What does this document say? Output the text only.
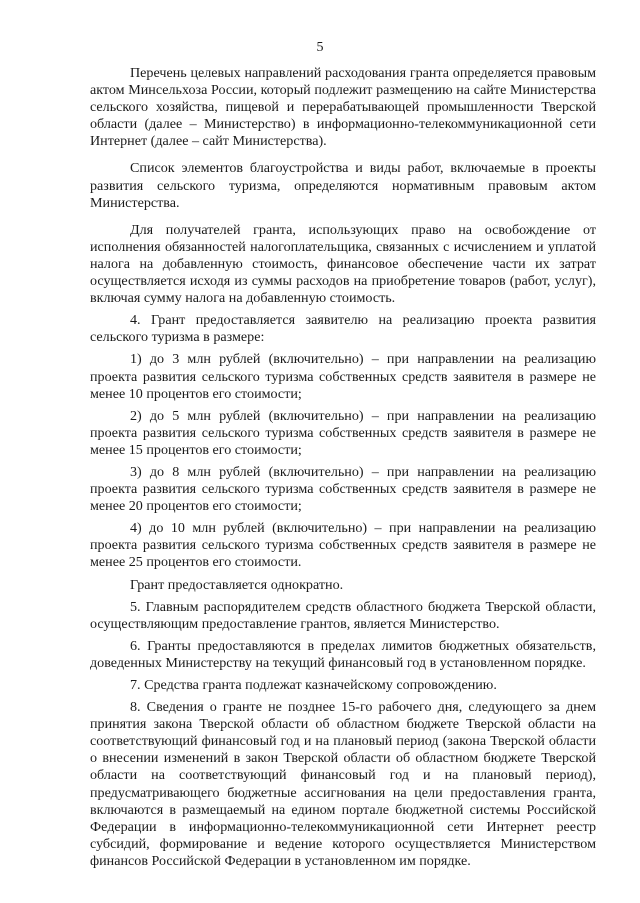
5

Перечень целевых направлений расходования гранта определяется правовым актом Минсельхоза России, который подлежит размещению на сайте Министерства сельского хозяйства, пищевой и перерабатывающей промышленности Тверской области (далее – Министерство) в информационно-телекоммуникационной сети Интернет (далее – сайт Министерства).

Список элементов благоустройства и виды работ, включаемые в проекты развития сельского туризма, определяются нормативным правовым актом Министерства.

Для получателей гранта, использующих право на освобождение от исполнения обязанностей налогоплательщика, связанных с исчислением и уплатой налога на добавленную стоимость, финансовое обеспечение части их затрат осуществляется исходя из суммы расходов на приобретение товаров (работ, услуг), включая сумму налога на добавленную стоимость.

4. Грант предоставляется заявителю на реализацию проекта развития сельского туризма в размере:

1) до 3 млн рублей (включительно) – при направлении на реализацию проекта развития сельского туризма собственных средств заявителя в размере не менее 10 процентов его стоимости;

2) до 5 млн рублей (включительно) – при направлении на реализацию проекта развития сельского туризма собственных средств заявителя в размере не менее 15 процентов его стоимости;

3) до 8 млн рублей (включительно) – при направлении на реализацию проекта развития сельского туризма собственных средств заявителя в размере не менее 20 процентов его стоимости;

4) до 10 млн рублей (включительно) – при направлении на реализацию проекта развития сельского туризма собственных средств заявителя в размере не менее 25 процентов его стоимости.

Грант предоставляется однократно.

5. Главным распорядителем средств областного бюджета Тверской области, осуществляющим предоставление грантов, является Министерство.

6. Гранты предоставляются в пределах лимитов бюджетных обязательств, доведенных Министерству на текущий финансовый год в установленном порядке.

7. Средства гранта подлежат казначейскому сопровождению.

8. Сведения о гранте не позднее 15-го рабочего дня, следующего за днем принятия закона Тверской области об областном бюджете Тверской области на соответствующий финансовый год и на плановый период (закона Тверской области о внесении изменений в закон Тверской области об областном бюджете Тверской области на соответствующий финансовый год и на плановый период), предусматривающего бюджетные ассигнования на цели предоставления гранта, включаются в размещаемый на едином портале бюджетной системы Российской Федерации в информационно-телекоммуникационной сети Интернет реестр субсидий, формирование и ведение которого осуществляется Министерством финансов Российской Федерации в установленном им порядке.
